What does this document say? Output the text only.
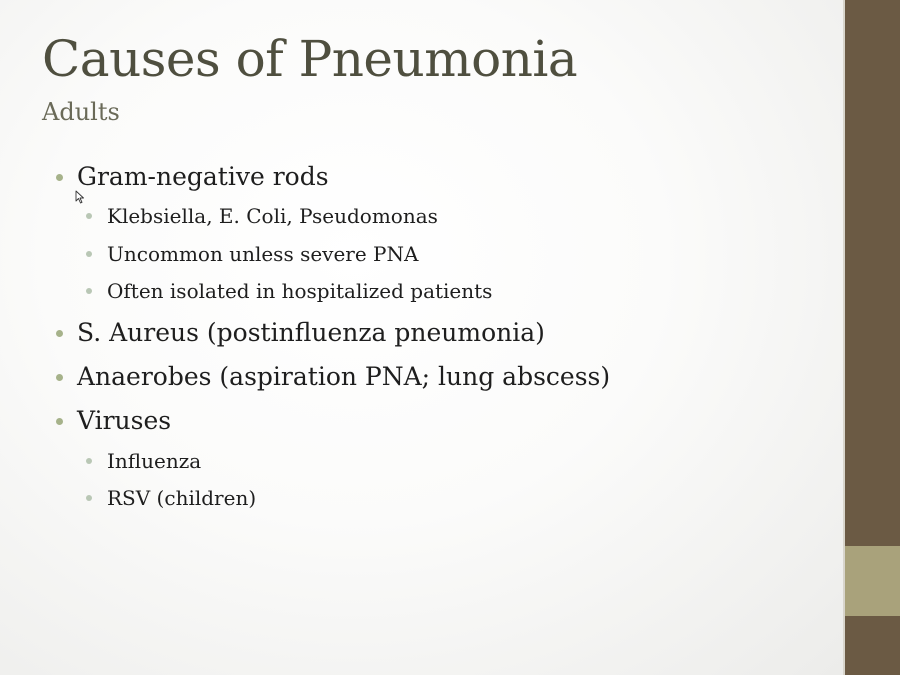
Causes of Pneumonia
Adults
Gram-negative rods
Klebsiella, E. Coli, Pseudomonas
Uncommon unless severe PNA
Often isolated in hospitalized patients
S. Aureus (postinfluenza pneumonia)
Anaerobes (aspiration PNA; lung abscess)
Viruses
Influenza
RSV (children)
